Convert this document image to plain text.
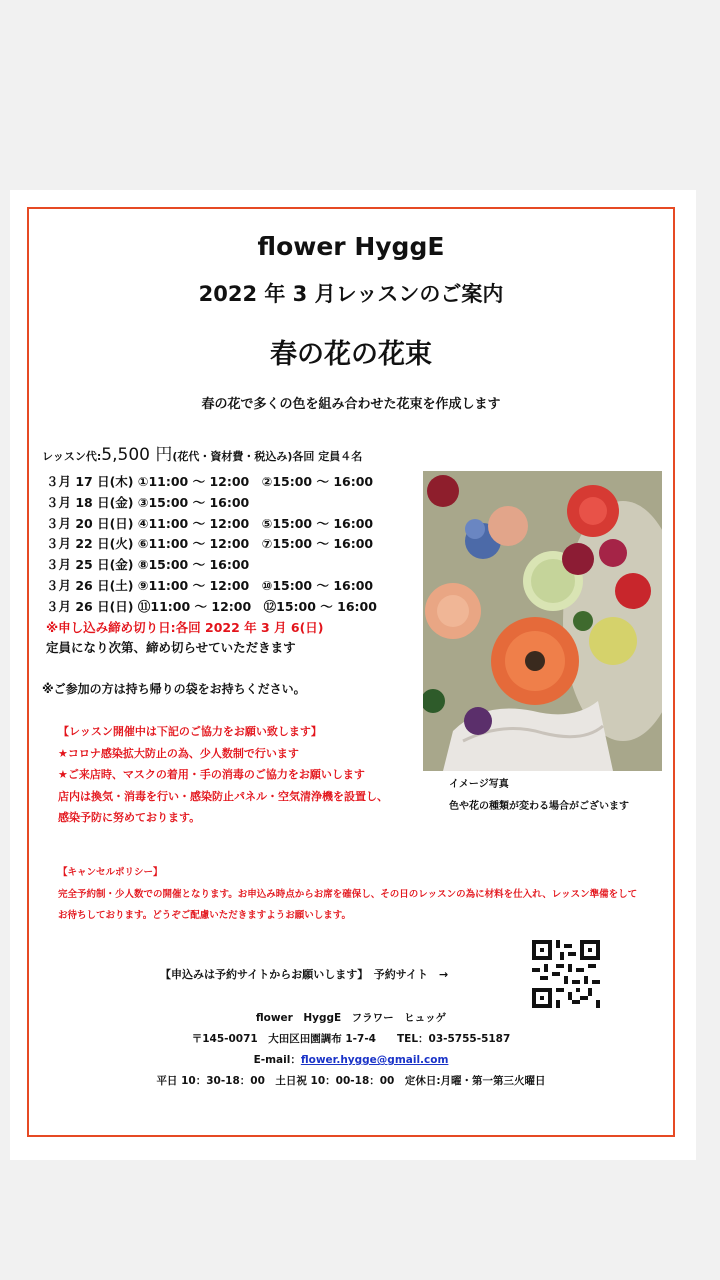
flower HyggE
2022 年 3 月レッスンのご案内
春の花の花束
春の花で多くの色を組み合わせた花束を作成します
レッスン代:5,500 円(花代・資材費・税込み)各回 定員４名
３月 17 日(木) ①11:00 ～ 12:00　②15:00 ～ 16:00
３月 18 日(金) ③15:00 ～ 16:00
３月 20 日(日) ④11:00 ～ 12:00　⑤15:00 ～ 16:00
３月 22 日(火) ⑥11:00 ～ 12:00　⑦15:00 ～ 16:00
３月 25 日(金) ⑧15:00 ～ 16:00
３月 26 日(土) ⑨11:00 ～ 12:00　⑩15:00 ～ 16:00
３月 26 日(日) ⑪11:00 ～ 12:00　⑫15:00 ～ 16:00
※申し込み締め切り日:各回 2022 年 3 月 6(日)
定員になり次第、締め切らせていただきます
※ご参加の方は持ち帰りの袋をお持ちください。
【レッスン開催中は下記のご協力をお願い致します】
★コロナ感染拡大防止の為、少人数制で行います
★ご来店時、マスクの着用・手の消毒のご協力をお願いします
店内は換気・消毒を行い・感染防止パネル・空気清浄機を設置し、
感染予防に努めております。
イメージ写真
色や花の種類が変わる場合がございます
【キャンセルポリシー】
完全予約制・少人数での開催となります。お申込み時点からお席を確保し、その日のレッスンの為に材料を仕入れ、レッスン準備をして
お待ちしております。どうぞご配慮いただきますようお願いします。
【申込みは予約サイトからお願いします】　予約サイト　→
flower　HyggE　フラワー　ヒュッゲ
〒145-0071　大田区田園調布 1-7-4　　TEL：03-5755-5187
E-mail：flower.hygge@gmail.com
平日 10：30-18：00　土日祝 10：00-18：00　定休日:月曜・第一第三火曜日
